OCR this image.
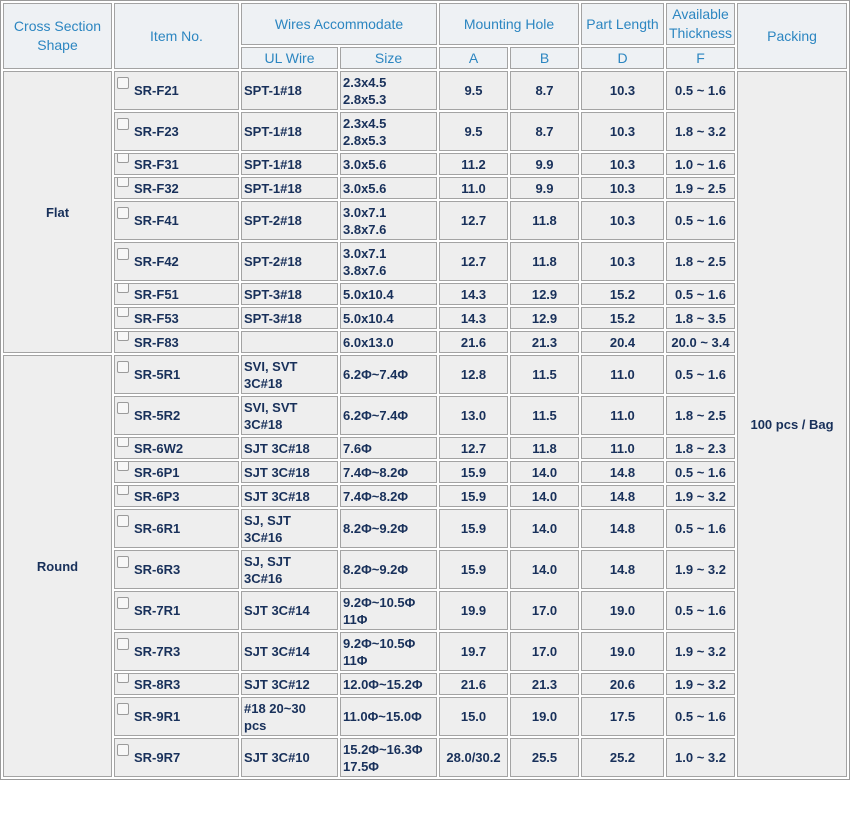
Cross Section
Shape	Item No.	Wires Accommodate		Mounting Hole		Part Length	Available
Thickness	Packing
		UL Wire	Size	A	B	D	F	
Flat	SR-F21	SPT-1#18	2.3x4.5
2.8x5.3	9.5	8.7	10.3	0.5 ~ 1.6	100 pcs / Bag
	SR-F23	SPT-1#18	2.3x4.5
2.8x5.3	9.5	8.7	10.3	1.8 ~ 3.2	
	SR-F31	SPT-1#18	3.0x5.6	11.2	9.9	10.3	1.0 ~ 1.6	
	SR-F32	SPT-1#18	3.0x5.6	11.0	9.9	10.3	1.9 ~ 2.5	
	SR-F41	SPT-2#18	3.0x7.1
3.8x7.6	12.7	11.8	10.3	0.5 ~ 1.6	
	SR-F42	SPT-2#18	3.0x7.1
3.8x7.6	12.7	11.8	10.3	1.8 ~ 2.5	
	SR-F51	SPT-3#18	5.0x10.4	14.3	12.9	15.2	0.5 ~ 1.6	
	SR-F53	SPT-3#18	5.0x10.4	14.3	12.9	15.2	1.8 ~ 3.5	
	SR-F83		6.0x13.0	21.6	21.3	20.4	20.0 ~ 3.4	
Round	SR-5R1	SVI, SVT
3C#18	6.2Φ~7.4Φ	12.8	11.5	11.0	0.5 ~ 1.6	
	SR-5R2	SVI, SVT
3C#18	6.2Φ~7.4Φ	13.0	11.5	11.0	1.8 ~ 2.5	
	SR-6W2	SJT 3C#18	7.6Φ	12.7	11.8	11.0	1.8 ~ 2.3	
	SR-6P1	SJT 3C#18	7.4Φ~8.2Φ	15.9	14.0	14.8	0.5 ~ 1.6	
	SR-6P3	SJT 3C#18	7.4Φ~8.2Φ	15.9	14.0	14.8	1.9 ~ 3.2	
	SR-6R1	SJ, SJT
3C#16	8.2Φ~9.2Φ	15.9	14.0	14.8	0.5 ~ 1.6	
	SR-6R3	SJ, SJT
3C#16	8.2Φ~9.2Φ	15.9	14.0	14.8	1.9 ~ 3.2	
	SR-7R1	SJT 3C#14	9.2Φ~10.5Φ
11Φ	19.9	17.0	19.0	0.5 ~ 1.6	
	SR-7R3	SJT 3C#14	9.2Φ~10.5Φ
11Φ	19.7	17.0	19.0	1.9 ~ 3.2	
	SR-8R3	SJT 3C#12	12.0Φ~15.2Φ	21.6	21.3	20.6	1.9 ~ 3.2	
	SR-9R1	#18 20~30
pcs	11.0Φ~15.0Φ	15.0	19.0	17.5	0.5 ~ 1.6	
	SR-9R7	SJT 3C#10	15.2Φ~16.3Φ
17.5Φ	28.0/30.2	25.5	25.2	1.0 ~ 3.2	
